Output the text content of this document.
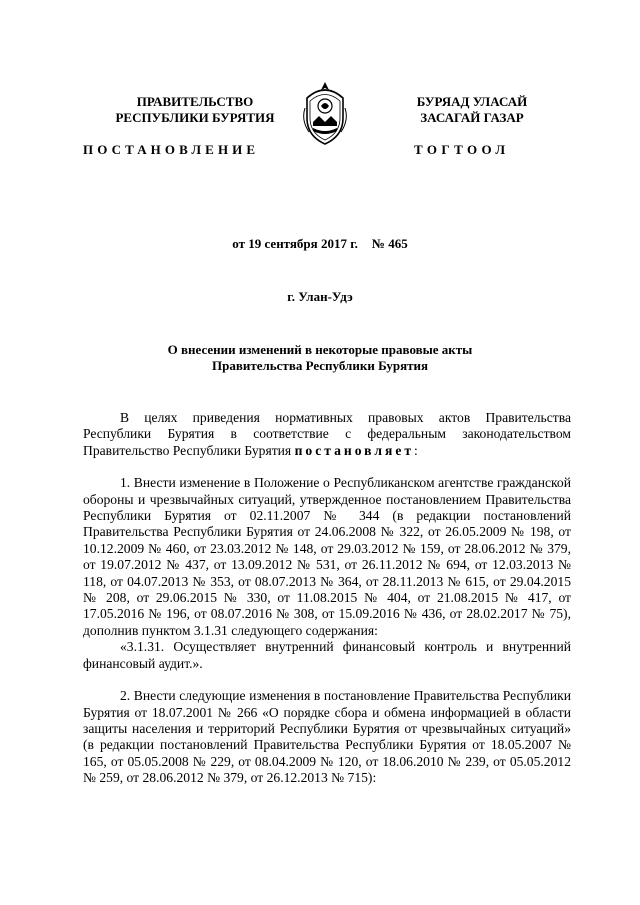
ПРАВИТЕЛЬСТВО
РЕСПУБЛИКИ БУРЯТИЯ
БУРЯАД УЛАСАЙ
ЗАСАГАЙ ГАЗАР
ПОСТАНОВЛЕНИЕ	ТОГТООЛ
от 19 сентября 2017 г. № 465
г. Улан-Удэ
О внесении изменений в некоторые правовые акты
Правительства Республики Бурятия

В целях приведения нормативных правовых актов Правительства Республики Бурятия в соответствие с федеральным законодательством Правительство Республики Бурятия постановляет:

1. Внести изменение в Положение о Республиканском агентстве гражданской обороны и чрезвычайных ситуаций, утвержденное постановлением Правительства Республики Бурятия от 02.11.2007 № 344 (в редакции постановлений Правительства Республики Бурятия от 24.06.2008 № 322, от 26.05.2009 № 198, от 10.12.2009 № 460, от 23.03.2012 № 148, от 29.03.2012 № 159, от 28.06.2012 № 379, от 19.07.2012 № 437, от 13.09.2012 № 531, от 26.11.2012 № 694, от 12.03.2013 № 118, от 04.07.2013 № 353, от 08.07.2013 № 364, от 28.11.2013 № 615, от 29.04.2015 № 208, от 29.06.2015 № 330, от 11.08.2015 № 404, от 21.08.2015 № 417, от 17.05.2016 № 196, от 08.07.2016 № 308, от 15.09.2016 № 436, от 28.02.2017 № 75), дополнив пунктом 3.1.31 следующего содержания:

«3.1.31. Осуществляет внутренний финансовый контроль и внутренний финансовый аудит.».

2. Внести следующие изменения в постановление Правительства Республики Бурятия от 18.07.2001 № 266 «О порядке сбора и обмена информацией в области защиты населения и территорий Республики Бурятия от чрезвычайных ситуаций» (в редакции постановлений Правительства Республики Бурятия от 18.05.2007 № 165, от 05.05.2008 № 229, от 08.04.2009 № 120, от 18.06.2010 № 239, от 05.05.2012 № 259, от 28.06.2012 № 379, от 26.12.2013 № 715):
